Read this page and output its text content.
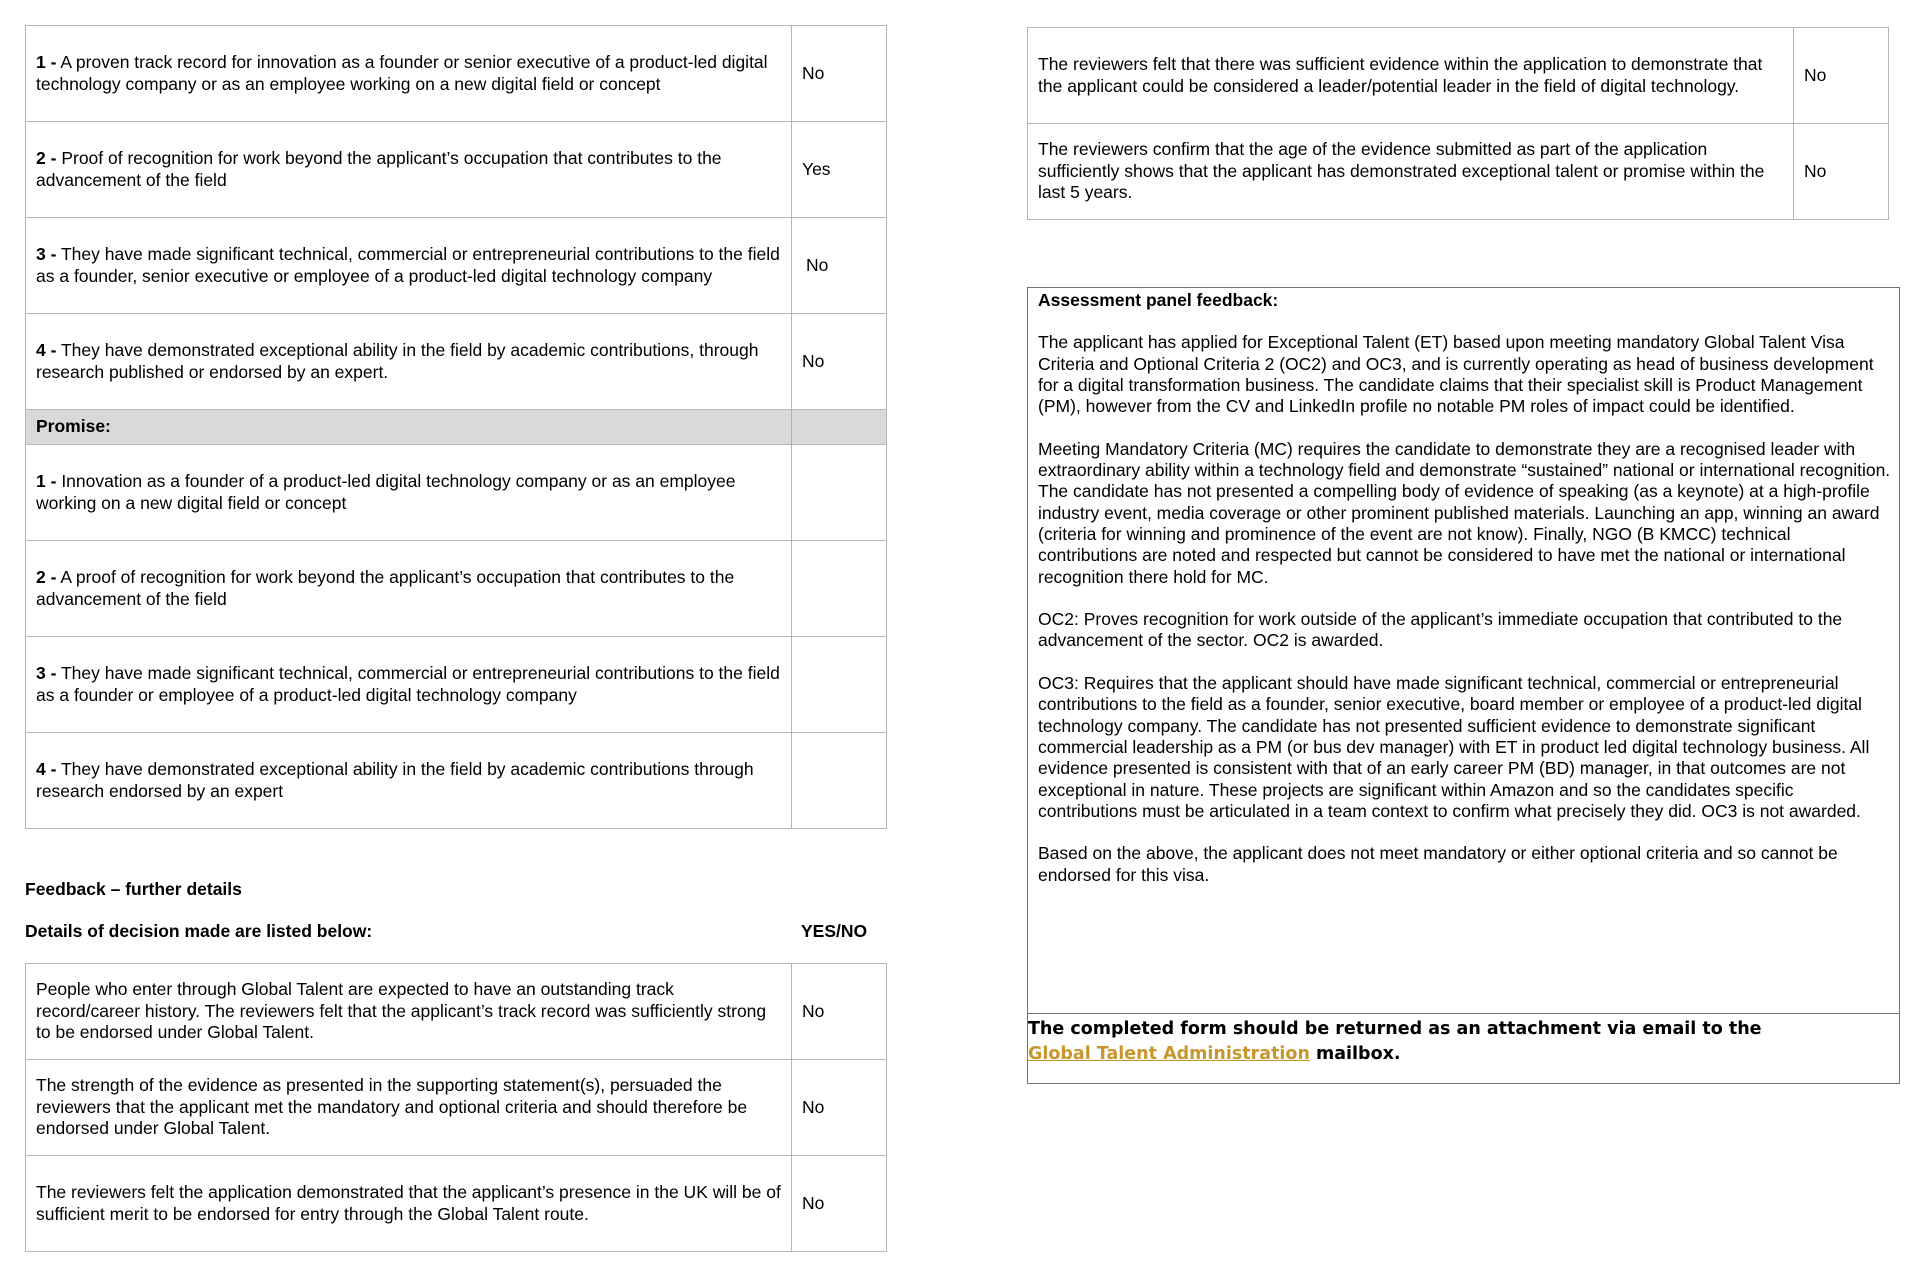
1 - A proven track record for innovation as a founder or senior executive of a product-led digital technology company or as an employee working on a new digital field or concept	No
2 - Proof of recognition for work beyond the applicant’s occupation that contributes to the advancement of the field	Yes
3 - They have made significant technical, commercial or entrepreneurial contributions to the field as a founder, senior executive or employee of a product-led digital technology company	No
4 - They have demonstrated exceptional ability in the field by academic contributions, through research published or endorsed by an expert.	No
Promise:	
1 - Innovation as a founder of a product-led digital technology company or as an employee working on a new digital field or concept	
2 - A proof of recognition for work beyond the applicant’s occupation that contributes to the advancement of the field	
3 - They have made significant technical, commercial or entrepreneurial contributions to the field as a founder or employee of a product-led digital technology company	
4 - They have demonstrated exceptional ability in the field by academic contributions through research endorsed by an expert	
Feedback – further details
Details of decision made are listed below:	YES/NO
People who enter through Global Talent are expected to have an outstanding track record/career history. The reviewers felt that the applicant’s track record was sufficiently strong to be endorsed under Global Talent.	No
The strength of the evidence as presented in the supporting statement(s), persuaded the reviewers that the applicant met the mandatory and optional criteria and should therefore be endorsed under Global Talent.	No
The reviewers felt the application demonstrated that the applicant’s presence in the UK will be of sufficient merit to be endorsed for entry through the Global Talent route.	No
The reviewers felt that there was sufficient evidence within the application to demonstrate that the applicant could be considered a leader/potential leader in the field of digital technology.	No
The reviewers confirm that the age of the evidence submitted as part of the application sufficiently shows that the applicant has demonstrated exceptional talent or promise within the last 5 years.	No

Assessment panel feedback:

The applicant has applied for Exceptional Talent (ET) based upon meeting mandatory Global Talent Visa Criteria and Optional Criteria 2 (OC2) and OC3, and is currently operating as head of business development for a digital transformation business. The candidate claims that their specialist skill is Product Management (PM), however from the CV and LinkedIn profile no notable PM roles of impact could be identified.

Meeting Mandatory Criteria (MC) requires the candidate to demonstrate they are a recognised leader with extraordinary ability within a technology field and demonstrate “sustained” national or international recognition. The candidate has not presented a compelling body of evidence of speaking (as a keynote) at a high-profile industry event, media coverage or other prominent published materials. Launching an app, winning an award (criteria for winning and prominence of the event are not know). Finally, NGO (B KMCC) technical contributions are noted and respected but cannot be considered to have met the national or international recognition there hold for MC.

OC2: Proves recognition for work outside of the applicant’s immediate occupation that contributed to the advancement of the sector. OC2 is awarded.

OC3: Requires that the applicant should have made significant technical, commercial or entrepreneurial contributions to the field as a founder, senior executive, board member or employee of a product-led digital technology company. The candidate has not presented sufficient evidence to demonstrate significant commercial leadership as a PM (or bus dev manager) with ET in product led digital technology business. All evidence presented is consistent with that of an early career PM (BD) manager, in that outcomes are not exceptional in nature. These projects are significant within Amazon and so the candidates specific contributions must be articulated in a team context to confirm what precisely they did. OC3 is not awarded.

Based on the above, the applicant does not meet mandatory or either optional criteria and so cannot be endorsed for this visa.

The completed form should be returned as an attachment via email to the Global Talent Administration mailbox.
